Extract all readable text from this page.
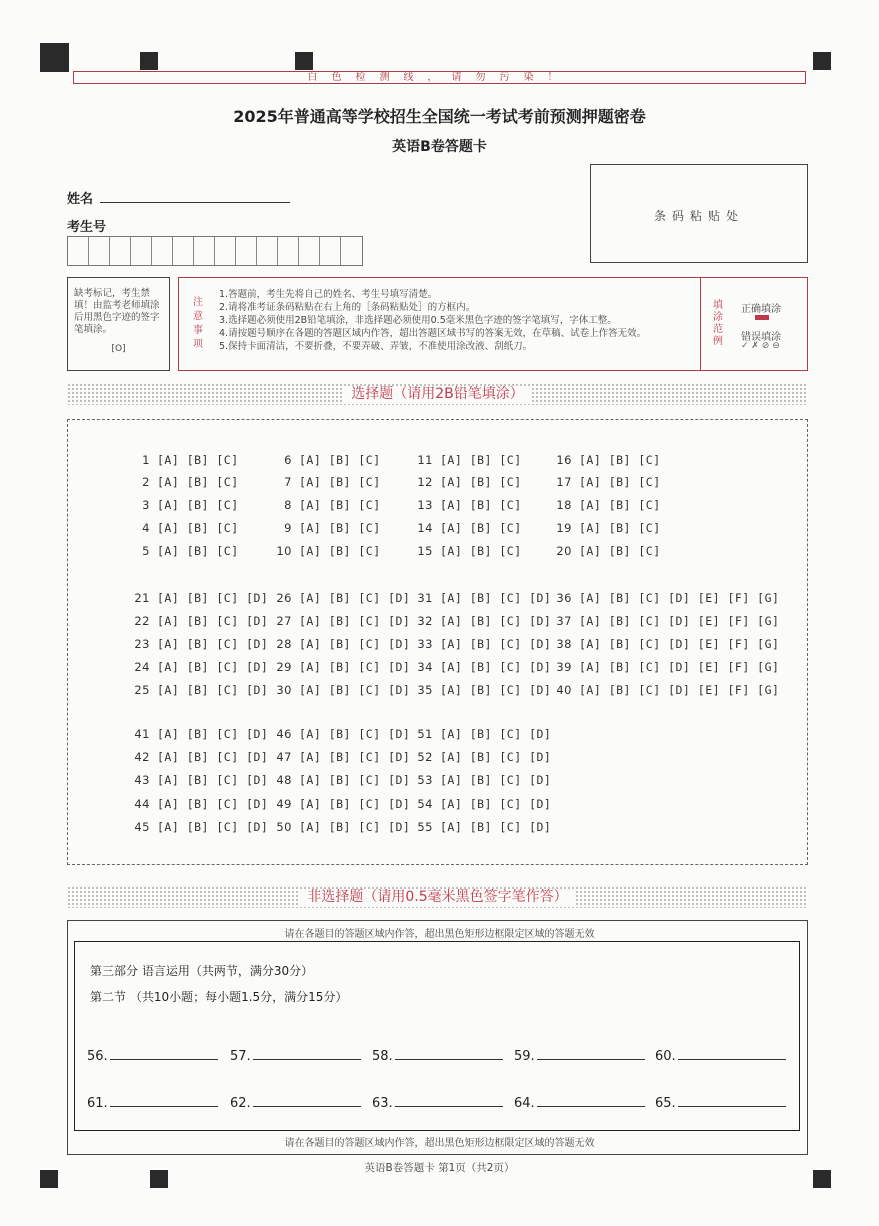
白色检测线，请勿污染！
2025年普通高等学校招生全国统一考试考前预测押题密卷
英语B卷答题卡
姓名
考生号
条码粘贴处
缺考标记，考生禁填！由监考老师填涂后用黑色字迹的签字笔填涂。
[O]
注意事项

1.答题前，考生先将自己的姓名、考生号填写清楚。

2.请将准考证条码粘贴在右上角的［条码粘贴处］的方框内。

3.选择题必须使用2B铅笔填涂，非选择题必须使用0.5毫米黑色字迹的签字笔填写，字体工整。

4.请按题号顺序在各题的答题区域内作答，超出答题区域书写的答案无效，在草稿、试卷上作答无效。

5.保持卡面清洁，不要折叠，不要弄破、弄皱，不准使用涂改液、刮纸刀。

填涂范例
正确填涂
错误填涂
✓ ✗ ⊘ ⊖
选择题（请用2B铅笔填涂）
1 [A] [B] [C]	6 [A] [B] [C]	11 [A] [B] [C]	16 [A] [B] [C]
2 [A] [B] [C]	7 [A] [B] [C]	12 [A] [B] [C]	17 [A] [B] [C]
3 [A] [B] [C]	8 [A] [B] [C]	13 [A] [B] [C]	18 [A] [B] [C]
4 [A] [B] [C]	9 [A] [B] [C]	14 [A] [B] [C]	19 [A] [B] [C]
5 [A] [B] [C]	10 [A] [B] [C]	15 [A] [B] [C]	20 [A] [B] [C]
21 [A] [B] [C] [D] 26 [A] [B] [C] [D] 31 [A] [B] [C] [D] 36 [A] [B] [C] [D] [E] [F] [G]
22 [A] [B] [C] [D] 27 [A] [B] [C] [D] 32 [A] [B] [C] [D] 37 [A] [B] [C] [D] [E] [F] [G]
23 [A] [B] [C] [D] 28 [A] [B] [C] [D] 33 [A] [B] [C] [D] 38 [A] [B] [C] [D] [E] [F] [G]
24 [A] [B] [C] [D] 29 [A] [B] [C] [D] 34 [A] [B] [C] [D] 39 [A] [B] [C] [D] [E] [F] [G]
25 [A] [B] [C] [D] 30 [A] [B] [C] [D] 35 [A] [B] [C] [D] 40 [A] [B] [C] [D] [E] [F] [G]
41 [A] [B] [C] [D] 46 [A] [B] [C] [D] 51 [A] [B] [C] [D]
42 [A] [B] [C] [D] 47 [A] [B] [C] [D] 52 [A] [B] [C] [D]
43 [A] [B] [C] [D] 48 [A] [B] [C] [D] 53 [A] [B] [C] [D]
44 [A] [B] [C] [D] 49 [A] [B] [C] [D] 54 [A] [B] [C] [D]
45 [A] [B] [C] [D] 50 [A] [B] [C] [D] 55 [A] [B] [C] [D]
非选择题（请用0.5毫米黑色签字笔作答）
请在各题目的答题区域内作答，超出黑色矩形边框限定区域的答题无效
第三部分 语言运用（共两节，满分30分）
第二节 （共10小题；每小题1.5分，满分15分）
56.	57.	58.	59.	60.
61.	62.	63.	64.	65.
请在各题目的答题区域内作答，超出黑色矩形边框限定区域的答题无效
英语B卷答题卡 第1页（共2页）
